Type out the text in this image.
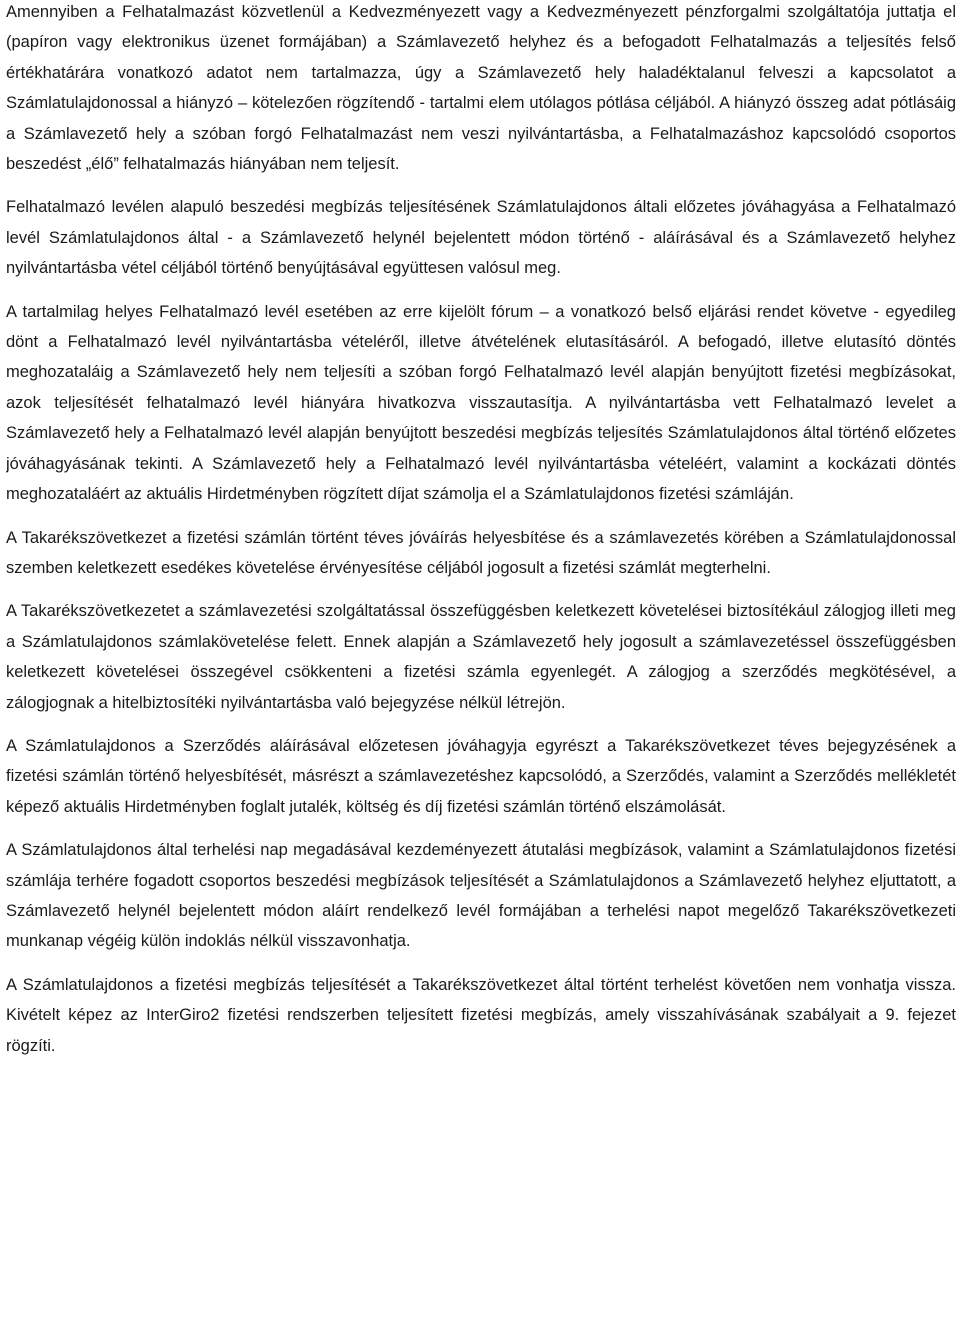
Amennyiben a Felhatalmazást közvetlenül a Kedvezményezett vagy a Kedvezményezett pénzforgalmi szolgáltatója juttatja el (papíron vagy elektronikus üzenet formájában) a Számlavezető helyhez és a befogadott Felhatalmazás a teljesítés felső értékhatárára vonatkozó adatot nem tartalmazza, úgy a Számlavezető hely haladéktalanul felveszi a kapcsolatot a Számlatulajdonossal a hiányzó – kötelezően rögzítendő - tartalmi elem utólagos pótlása céljából. A hiányzó összeg adat pótlásáig a Számlavezető hely a szóban forgó Felhatalmazást nem veszi nyilvántartásba, a Felhatalmazáshoz kapcsolódó csoportos beszedést „élő” felhatalmazás hiányában nem teljesít.

Felhatalmazó levélen alapuló beszedési megbízás teljesítésének Számlatulajdonos általi előzetes jóváhagyása a Felhatalmazó levél Számlatulajdonos által - a Számlavezető helynél bejelentett módon történő - aláírásával és a Számlavezető helyhez nyilvántartásba vétel céljából történő benyújtásával együttesen valósul meg.

A tartalmilag helyes Felhatalmazó levél esetében az erre kijelölt fórum – a vonatkozó belső eljárási rendet követve - egyedileg dönt a Felhatalmazó levél nyilvántartásba vételéről, illetve átvételének elutasításáról. A befogadó, illetve elutasító döntés meghozataláig a Számlavezető hely nem teljesíti a szóban forgó Felhatalmazó levél alapján benyújtott fizetési megbízásokat, azok teljesítését felhatalmazó levél hiányára hivatkozva visszautasítja. A nyilvántartásba vett Felhatalmazó levelet a Számlavezető hely a Felhatalmazó levél alapján benyújtott beszedési megbízás teljesítés Számlatulajdonos által történő előzetes jóváhagyásának tekinti. A Számlavezető hely a Felhatalmazó levél nyilvántartásba vételéért, valamint a kockázati döntés meghozataláért az aktuális Hirdetményben rögzített díjat számolja el a Számlatulajdonos fizetési számláján.

A Takarékszövetkezet a fizetési számlán történt téves jóváírás helyesbítése és a számlavezetés körében a Számlatulajdonossal szemben keletkezett esedékes követelése érvényesítése céljából jogosult a fizetési számlát megterhelni.

A Takarékszövetkezetet a számlavezetési szolgáltatással összefüggésben keletkezett követelései biztosítékául zálogjog illeti meg a Számlatulajdonos számlakövetelése felett. Ennek alapján a Számlavezető hely jogosult a számlavezetéssel összefüggésben keletkezett követelései összegével csökkenteni a fizetési számla egyenlegét. A zálogjog a szerződés megkötésével, a zálogjognak a hitelbiztosítéki nyilvántartásba való bejegyzése nélkül létrejön.

A Számlatulajdonos a Szerződés aláírásával előzetesen jóváhagyja egyrészt a Takarékszövetkezet téves bejegyzésének a fizetési számlán történő helyesbítését, másrészt a számlavezetéshez kapcsolódó, a Szerződés, valamint a Szerződés mellékletét képező aktuális Hirdetményben foglalt jutalék, költség és díj fizetési számlán történő elszámolását.

A Számlatulajdonos által terhelési nap megadásával kezdeményezett átutalási megbízások, valamint a Számlatulajdonos fizetési számlája terhére fogadott csoportos beszedési megbízások teljesítését a Számlatulajdonos a Számlavezető helyhez eljuttatott, a Számlavezető helynél bejelentett módon aláírt rendelkező levél formájában a terhelési napot megelőző Takarékszövetkezeti munkanap végéig külön indoklás nélkül visszavonhatja.

A Számlatulajdonos a fizetési megbízás teljesítését a Takarékszövetkezet által történt terhelést követően nem vonhatja vissza. Kivételt képez az InterGiro2 fizetési rendszerben teljesített fizetési megbízás, amely visszahívásának szabályait a 9. fejezet rögzíti.
